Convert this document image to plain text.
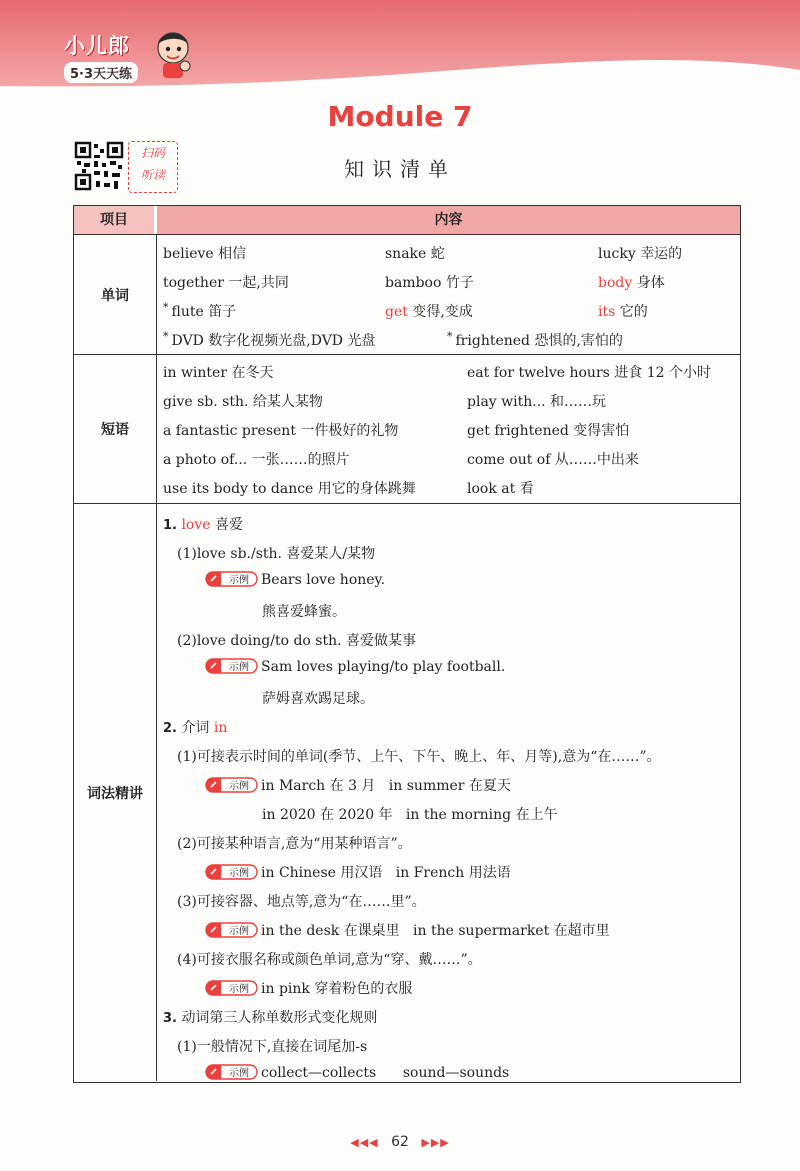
小儿郎
5·3天天练
Module 7
知识清单
扫码
听读
项目	内容
单词
believe 相信
together 一起,共同
* flute 笛子
* DVD 数字化视频光盘,DVD 光盘
snake 蛇
bamboo 竹子
get 变得,变成
* frightened 恐惧的,害怕的
lucky 幸运的
body 身体
its 它的
短语
in winter 在冬天
give sb. sth. 给某人某物
a fantastic present 一件极好的礼物
a photo of... 一张……的照片
use its body to dance 用它的身体跳舞
eat for twelve hours 进食 12 个小时
play with... 和……玩
get frightened 变得害怕
come out of 从……中出来
look at 看
词法精讲
1. love 喜爱
(1)love sb./sth. 喜爱某人/某物
示例 Bears love honey.
熊喜爱蜂蜜。
(2)love doing/to do sth. 喜爱做某事
示例 Sam loves playing/to play football.
萨姆喜欢踢足球。
2. 介词 in
(1)可接表示时间的单词(季节、上午、下午、晚上、年、月等),意为“在……”。
示例 in March 在 3 月 in summer 在夏天
in 2020 在 2020 年 in the morning 在上午
(2)可接某种语言,意为“用某种语言”。
示例 in Chinese 用汉语 in French 用法语
(3)可接容器、地点等,意为“在……里”。
示例 in the desk 在课桌里 in the supermarket 在超市里
(4)可接衣服名称或颜色单词,意为“穿、戴……”。
示例 in pink 穿着粉色的衣服
3. 动词第三人称单数形式变化规则
(1)一般情况下,直接在词尾加-s
示例 collect—collects sound—sounds
◀◀◀ 62 ▶▶▶
